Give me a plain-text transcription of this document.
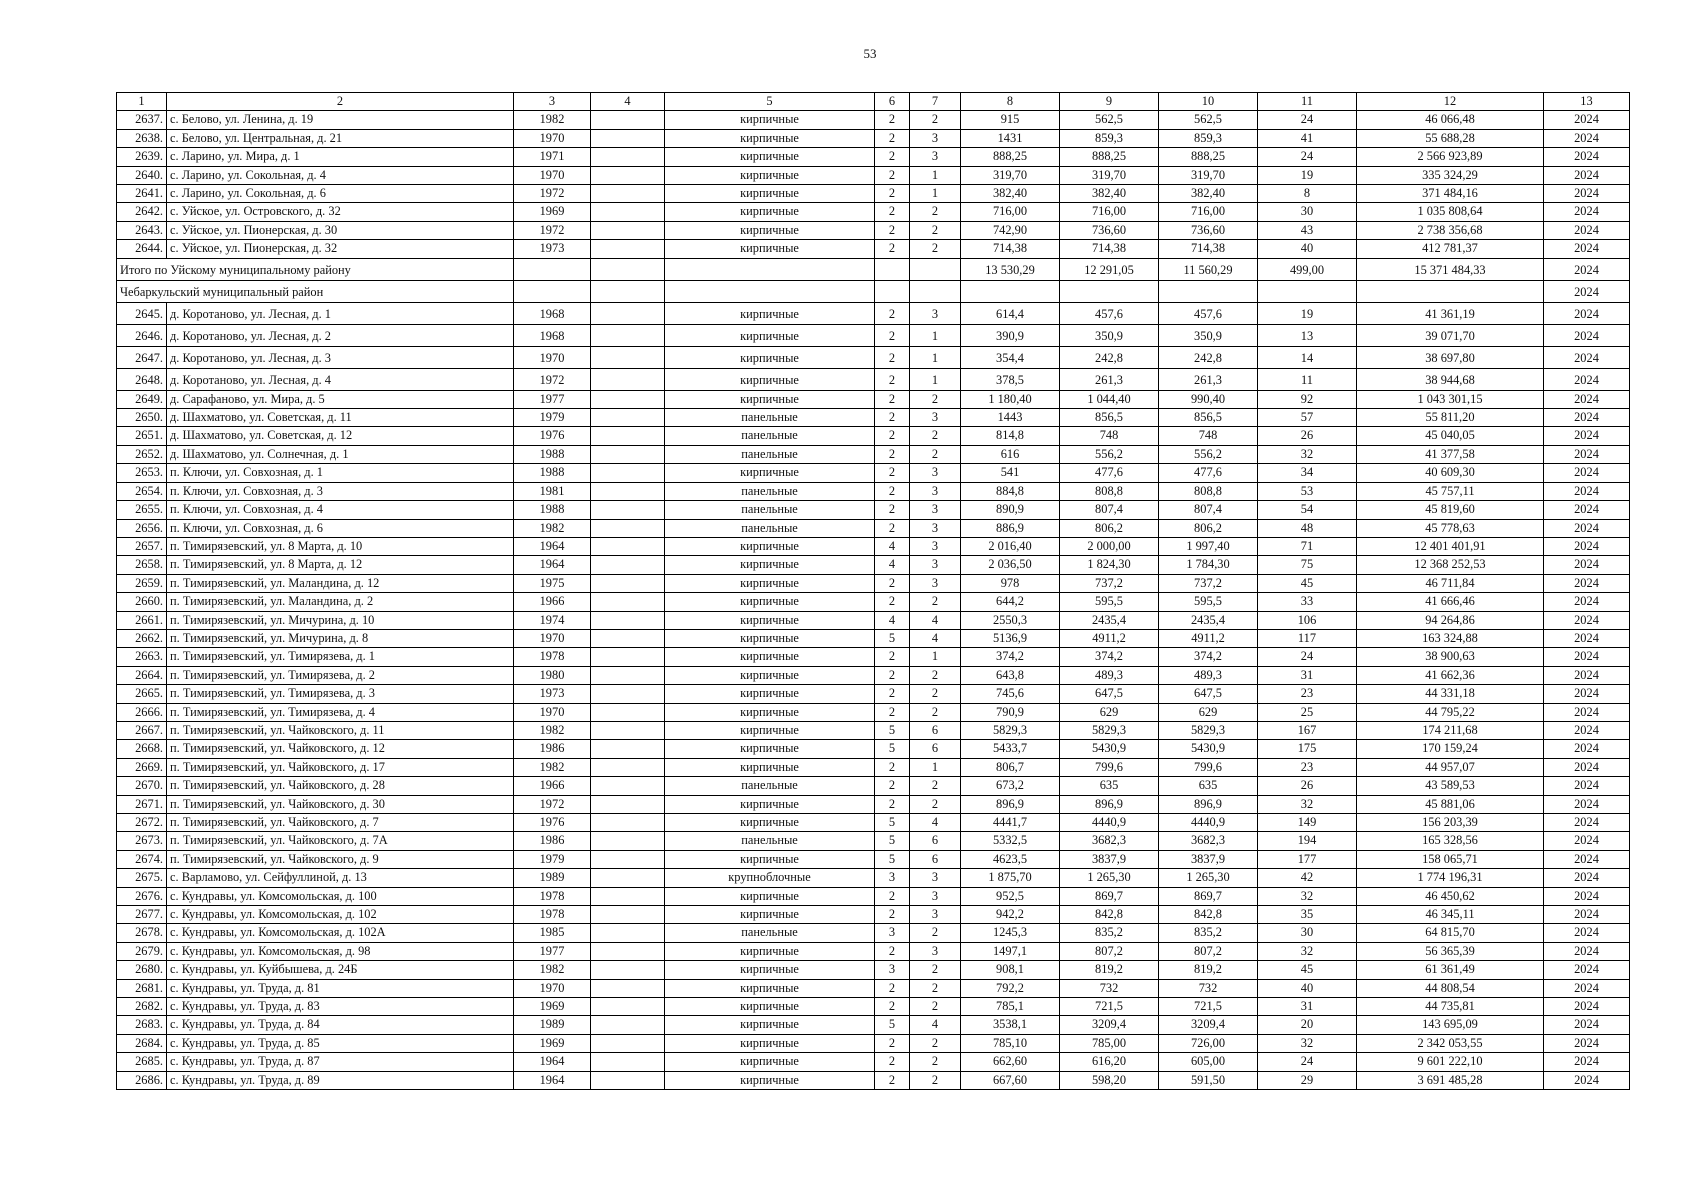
53
1	2	3	4	5	6	7	8	9	10	11	12	13
2637.	с. Белово, ул. Ленина, д. 19	1982		кирпичные	2	2	915	562,5	562,5	24	46 066,48	2024
2638.	с. Белово, ул. Центральная, д. 21	1970		кирпичные	2	3	1431	859,3	859,3	41	55 688,28	2024
2639.	с. Ларино, ул. Мира, д. 1	1971		кирпичные	2	3	888,25	888,25	888,25	24	2 566 923,89	2024
2640.	с. Ларино, ул. Сокольная, д. 4	1970		кирпичные	2	1	319,70	319,70	319,70	19	335 324,29	2024
2641.	с. Ларино, ул. Сокольная, д. 6	1972		кирпичные	2	1	382,40	382,40	382,40	8	371 484,16	2024
2642.	с. Уйское, ул. Островского, д. 32	1969		кирпичные	2	2	716,00	716,00	716,00	30	1 035 808,64	2024
2643.	с. Уйское, ул. Пионерская, д. 30	1972		кирпичные	2	2	742,90	736,60	736,60	43	2 738 356,68	2024
2644.	с. Уйское, ул. Пионерская, д. 32	1973		кирпичные	2	2	714,38	714,38	714,38	40	412 781,37	2024
Итого по Уйскому муниципальному району							13 530,29	12 291,05	11 560,29	499,00	15 371 484,33	2024
Чебаркульский муниципальный район												2024
2645.	д. Коротаново, ул. Лесная, д. 1	1968		кирпичные	2	3	614,4	457,6	457,6	19	41 361,19	2024
2646.	д. Коротаново, ул. Лесная, д. 2	1968		кирпичные	2	1	390,9	350,9	350,9	13	39 071,70	2024
2647.	д. Коротаново, ул. Лесная, д. 3	1970		кирпичные	2	1	354,4	242,8	242,8	14	38 697,80	2024
2648.	д. Коротаново, ул. Лесная, д. 4	1972		кирпичные	2	1	378,5	261,3	261,3	11	38 944,68	2024
2649.	д. Сарафаново, ул. Мира, д. 5	1977		кирпичные	2	2	1 180,40	1 044,40	990,40	92	1 043 301,15	2024
2650.	д. Шахматово, ул. Советская, д. 11	1979		панельные	2	3	1443	856,5	856,5	57	55 811,20	2024
2651.	д. Шахматово, ул. Советская, д. 12	1976		панельные	2	2	814,8	748	748	26	45 040,05	2024
2652.	д. Шахматово, ул. Солнечная, д. 1	1988		панельные	2	2	616	556,2	556,2	32	41 377,58	2024
2653.	п. Ключи, ул. Совхозная, д. 1	1988		кирпичные	2	3	541	477,6	477,6	34	40 609,30	2024
2654.	п. Ключи, ул. Совхозная, д. 3	1981		панельные	2	3	884,8	808,8	808,8	53	45 757,11	2024
2655.	п. Ключи, ул. Совхозная, д. 4	1988		панельные	2	3	890,9	807,4	807,4	54	45 819,60	2024
2656.	п. Ключи, ул. Совхозная, д. 6	1982		панельные	2	3	886,9	806,2	806,2	48	45 778,63	2024
2657.	п. Тимирязевский, ул. 8 Марта, д. 10	1964		кирпичные	4	3	2 016,40	2 000,00	1 997,40	71	12 401 401,91	2024
2658.	п. Тимирязевский, ул. 8 Марта, д. 12	1964		кирпичные	4	3	2 036,50	1 824,30	1 784,30	75	12 368 252,53	2024
2659.	п. Тимирязевский, ул. Маландина, д. 12	1975		кирпичные	2	3	978	737,2	737,2	45	46 711,84	2024
2660.	п. Тимирязевский, ул. Маландина, д. 2	1966		кирпичные	2	2	644,2	595,5	595,5	33	41 666,46	2024
2661.	п. Тимирязевский, ул. Мичурина, д. 10	1974		кирпичные	4	4	2550,3	2435,4	2435,4	106	94 264,86	2024
2662.	п. Тимирязевский, ул. Мичурина, д. 8	1970		кирпичные	5	4	5136,9	4911,2	4911,2	117	163 324,88	2024
2663.	п. Тимирязевский, ул. Тимирязева, д. 1	1978		кирпичные	2	1	374,2	374,2	374,2	24	38 900,63	2024
2664.	п. Тимирязевский, ул. Тимирязева, д. 2	1980		кирпичные	2	2	643,8	489,3	489,3	31	41 662,36	2024
2665.	п. Тимирязевский, ул. Тимирязева, д. 3	1973		кирпичные	2	2	745,6	647,5	647,5	23	44 331,18	2024
2666.	п. Тимирязевский, ул. Тимирязева, д. 4	1970		кирпичные	2	2	790,9	629	629	25	44 795,22	2024
2667.	п. Тимирязевский, ул. Чайковского, д. 11	1982		кирпичные	5	6	5829,3	5829,3	5829,3	167	174 211,68	2024
2668.	п. Тимирязевский, ул. Чайковского, д. 12	1986		кирпичные	5	6	5433,7	5430,9	5430,9	175	170 159,24	2024
2669.	п. Тимирязевский, ул. Чайковского, д. 17	1982		кирпичные	2	1	806,7	799,6	799,6	23	44 957,07	2024
2670.	п. Тимирязевский, ул. Чайковского, д. 28	1966		панельные	2	2	673,2	635	635	26	43 589,53	2024
2671.	п. Тимирязевский, ул. Чайковского, д. 30	1972		кирпичные	2	2	896,9	896,9	896,9	32	45 881,06	2024
2672.	п. Тимирязевский, ул. Чайковского, д. 7	1976		кирпичные	5	4	4441,7	4440,9	4440,9	149	156 203,39	2024
2673.	п. Тимирязевский, ул. Чайковского, д. 7А	1986		панельные	5	6	5332,5	3682,3	3682,3	194	165 328,56	2024
2674.	п. Тимирязевский, ул. Чайковского, д. 9	1979		кирпичные	5	6	4623,5	3837,9	3837,9	177	158 065,71	2024
2675.	с. Варламово, ул. Сейфуллиной, д. 13	1989		крупноблочные	3	3	1 875,70	1 265,30	1 265,30	42	1 774 196,31	2024
2676.	с. Кундравы, ул. Комсомольская, д. 100	1978		кирпичные	2	3	952,5	869,7	869,7	32	46 450,62	2024
2677.	с. Кундравы, ул. Комсомольская, д. 102	1978		кирпичные	2	3	942,2	842,8	842,8	35	46 345,11	2024
2678.	с. Кундравы, ул. Комсомольская, д. 102А	1985		панельные	3	2	1245,3	835,2	835,2	30	64 815,70	2024
2679.	с. Кундравы, ул. Комсомольская, д. 98	1977		кирпичные	2	3	1497,1	807,2	807,2	32	56 365,39	2024
2680.	с. Кундравы, ул. Куйбышева, д. 24Б	1982		кирпичные	3	2	908,1	819,2	819,2	45	61 361,49	2024
2681.	с. Кундравы, ул. Труда, д. 81	1970		кирпичные	2	2	792,2	732	732	40	44 808,54	2024
2682.	с. Кундравы, ул. Труда, д. 83	1969		кирпичные	2	2	785,1	721,5	721,5	31	44 735,81	2024
2683.	с. Кундравы, ул. Труда, д. 84	1989		кирпичные	5	4	3538,1	3209,4	3209,4	20	143 695,09	2024
2684.	с. Кундравы, ул. Труда, д. 85	1969		кирпичные	2	2	785,10	785,00	726,00	32	2 342 053,55	2024
2685.	с. Кундравы, ул. Труда, д. 87	1964		кирпичные	2	2	662,60	616,20	605,00	24	9 601 222,10	2024
2686.	с. Кундравы, ул. Труда, д. 89	1964		кирпичные	2	2	667,60	598,20	591,50	29	3 691 485,28	2024
